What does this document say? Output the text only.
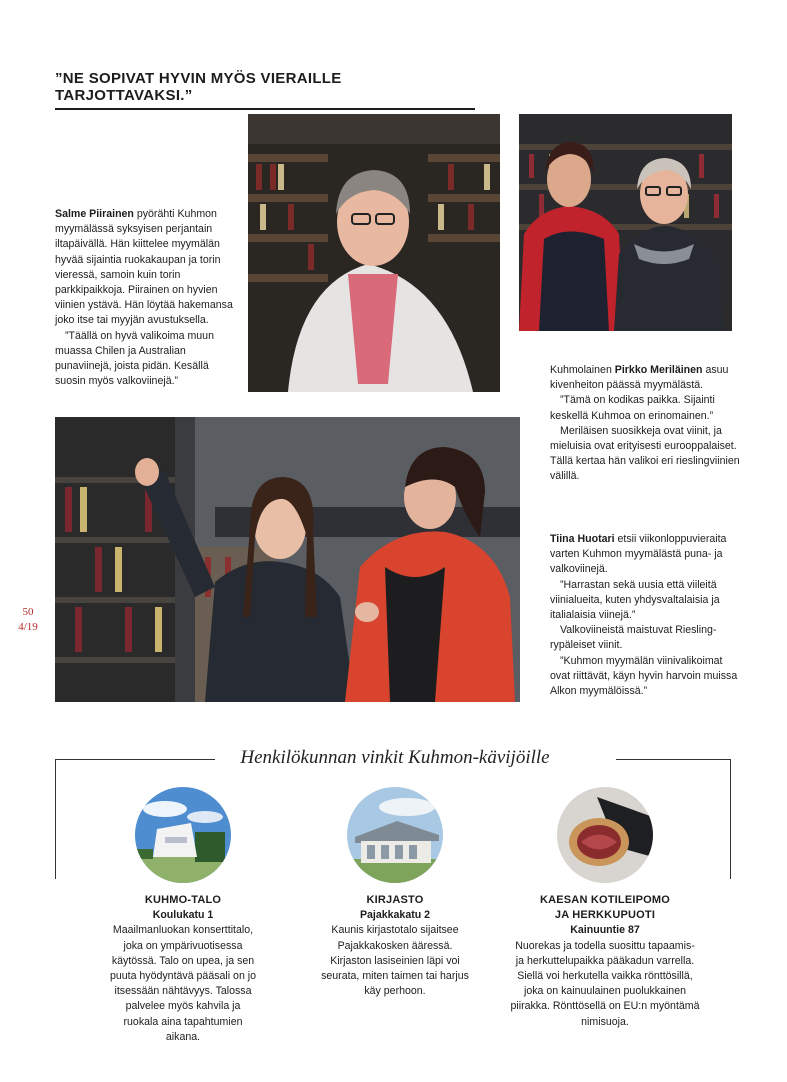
”NE SOPIVAT HYVIN MYÖS VIERAILLE TARJOTTAVAKSI.”

Salme Piirainen pyörähti Kuhmon myymälässä syksyisen perjantain iltapäivällä. Hän kiittelee myymälän hyvää sijaintia ruokakaupan ja torin vieressä, samoin kuin torin parkkipaikkoja. Piirainen on hyvien viinien ystävä. Hän löytää hakemansa joko itse tai myyjän avustuksella.

”Täällä on hyvä valikoima muun muassa Chilen ja Australian punaviinejä, joista pidän. Kesällä suosin myös valkoviinejä.”

Kuhmolainen Pirkko Meriläinen asuu kivenheiton päässä myymälästä.

”Tämä on kodikas paikka. Sijainti keskellä Kuhmoa on erinomainen.”

Meriläisen suosikkeja ovat viinit, ja mieluisia ovat erityisesti eurooppalaiset. Tällä kertaa hän valikoi eri rieslingviinien välillä.

50
4/19

Tiina Huotari etsii viikonloppuvieraita varten Kuhmon myymälästä puna- ja valkoviinejä.

”Harrastan sekä uusia että viileitä viinialueita, kuten yhdysvaltalaisia ja italialaisia viinejä.”

Valkoviineistä maistuvat Riesling-rypäleiset viinit.

”Kuhmon myymälän viinivalikoimat ovat riittävät, käyn hyvin harvoin muissa Alkon myymälöissä.”

Henkilökunnan vinkit Kuhmon-kävijöille
KUHMO-TALO
Koulukatu 1
Maailmanluokan konserttitalo, joka on ympärivuotisessa käytössä. Talo on upea, ja sen puuta hyödyntävä pääsali on jo itsessään nähtävyys. Talossa palvelee myös kahvila ja ruokala aina tapahtumien aikana.
KIRJASTO
Pajakkakatu 2
Kaunis kirjastotalo sijaitsee Pajakkakosken ääressä. Kirjaston lasiseinien läpi voi seurata, miten taimen tai harjus käy perhoon.
KAESAN KOTILEIPOMO
JA HERKKUPUOTI
Kainuuntie 87
Nuorekas ja todella suosittu tapaamis- ja herkuttelupaikka pääkadun varrella. Siellä voi herkutella vaikka rönttösillä, joka on kainuulainen puolukkainen piirakka. Rönttösellä on EU:n myöntämä nimisuoja.
